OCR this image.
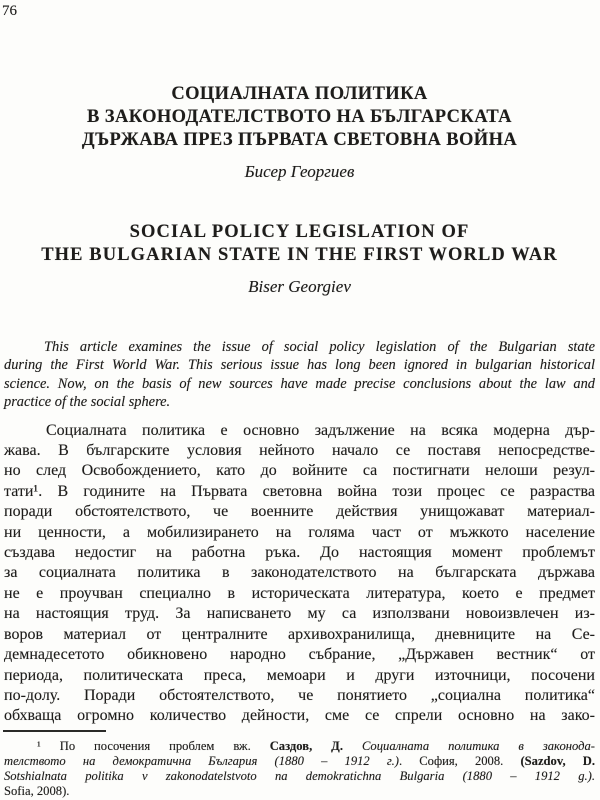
76
СОЦИАЛНАТА ПОЛИТИКА
В ЗАКОНОДАТЕЛСТВОТО НА БЪЛГАРСКАТА
ДЪРЖАВА ПРЕЗ ПЪРВАТА СВЕТОВНА ВОЙНА
Бисер Георгиев
SOCIAL POLICY LEGISLATION OF
THE BULGARIAN STATE IN THE FIRST WORLD WAR
Biser Georgiev
This article examines the issue of social policy legislation of the Bulgarian state
during the First World War. This serious issue has long been ignored in bulgarian historical
science. Now, on the basis of new sources have made precise conclusions about the law and
practice of the social sphere.
Социалната политика е основно задължение на всяка модерна дър-
жава. В българските условия нейното начало се поставя непосредстве-
но след Освобождението, като до войните са постигнати нелоши резул-
тати¹. В годините на Първата световна война този процес се разраства
поради обстоятелството, че военните действия унищожават материал-
ни ценности, а мобилизирането на голяма част от мъжкото население
създава недостиг на работна ръка. До настоящия момент проблемът
за социалната политика в законодателството на българската държава
не е проучван специално в историческата литература, което е предмет
на настоящия труд. За написването му са използвани новоизвлечен из-
воров материал от централните архивохранилища, дневниците на Се-
демнадесетото обикновено народно събрание, „Държавен вестник“ от
периода, политическата преса, мемоари и други източници, посочени
по-долу. Поради обстоятелството, че понятието „социална политика“
обхваща огромно количество дейности, сме се спрели основно на зако-
¹ По посочения проблем вж. Саздов, Д. Социалната политика в законода-
телството на демократична България (1880 – 1912 г.). София, 2008. (Sazdov, D.
Sotshialnata politika v zakonodatelstvoto na demokratichna Bulgaria (1880 – 1912 g.).
Sofia, 2008).
